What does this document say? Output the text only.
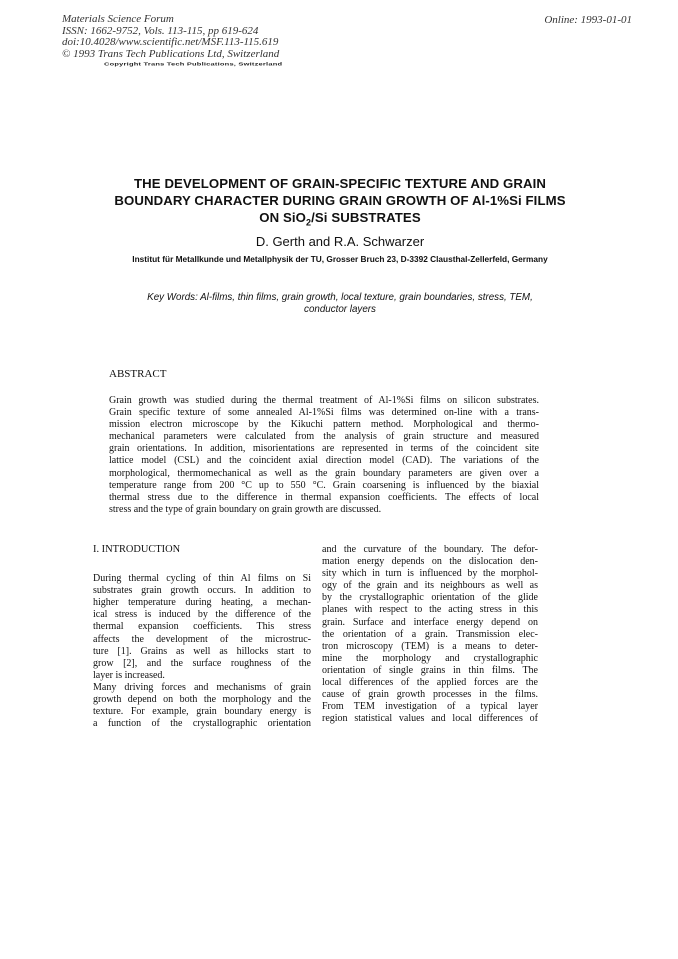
Materials Science Forum
ISSN: 1662-9752, Vols. 113-115, pp 619-624
doi:10.4028/www.scientific.net/MSF.113-115.619
© 1993 Trans Tech Publications Ltd, Switzerland
Online: 1993-01-01
Copyright Trans Tech Publications, Switzerland
THE DEVELOPMENT OF GRAIN-SPECIFIC TEXTURE AND GRAIN
BOUNDARY CHARACTER DURING GRAIN GROWTH OF Al-1%Si FILMS
ON SiO$_2$/Si SUBSTRATES
D. Gerth and R.A. Schwarzer
Institut für Metallkunde und Metallphysik der TU, Grosser Bruch 23, D-3392 Clausthal-Zellerfeld, Germany
Key Words: Al-films, thin films, grain growth, local texture, grain boundaries, stress, TEM,
conductor layers
ABSTRACT
Grain growth was studied during the thermal treatment of Al-1%Si films on silicon substrates.
Grain specific texture of some annealed Al-1%Si films was determined on-line with a trans-
mission electron microscope by the Kikuchi pattern method. Morphological and thermo-
mechanical parameters were calculated from the analysis of grain structure and measured
grain orientations. In addition, misorientations are represented in terms of the coincident site
lattice model (CSL) and the coincident axial direction model (CAD). The variations of the
morphological, thermomechanical as well as the grain boundary parameters are given over a
temperature range from 200 °C up to 550 °C. Grain coarsening is influenced by the biaxial
thermal stress due to the difference in thermal expansion coefficients. The effects of local
stress and the type of grain boundary on grain growth are discussed.
I. INTRODUCTION
During thermal cycling of thin Al films on Si
substrates grain growth occurs. In addition to
higher temperature during heating, a mechan-
ical stress is induced by the difference of the
thermal expansion coefficients. This stress
affects the development of the microstruc-
ture [1]. Grains as well as hillocks start to
grow [2], and the surface roughness of the
layer is increased.
Many driving forces and mechanisms of grain
growth depend on both the morphology and the
texture. For example, grain boundary energy is
a function of the crystallographic orientation
and the curvature of the boundary. The defor-
mation energy depends on the dislocation den-
sity which in turn is influenced by the morphol-
ogy of the grain and its neighbours as well as
by the crystallographic orientation of the glide
planes with respect to the acting stress in this
grain. Surface and interface energy depend on
the orientation of a grain. Transmission elec-
tron microscopy (TEM) is a means to deter-
mine the morphology and crystallographic
orientation of single grains in thin films. The
local differences of the applied forces are the
cause of grain growth processes in the films.
From TEM investigation of a typical layer
region statistical values and local differences of
